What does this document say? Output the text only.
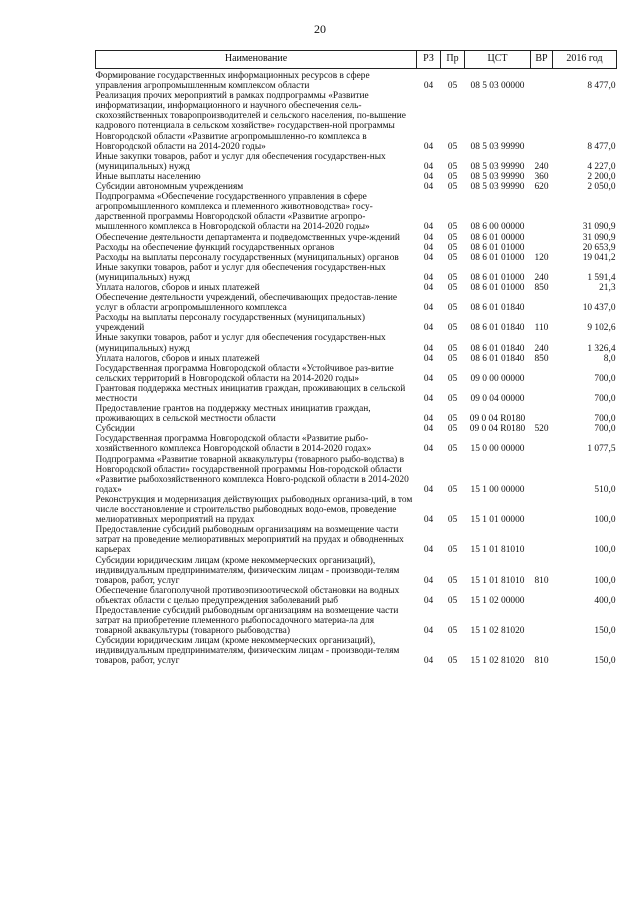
20
Наименование	РЗ	Пр	ЦСТ	ВР	2016 год
Формирование государственных информационных ресурсов в сфере управления агропромышленным комплексом области	04	05	08 5 03 00000		8 477,0
Реализация прочих мероприятий в рамках подпрограммы «Развитие информатизации, информационного и научного обеспечения сель-скохозяйственных товаропроизводителей и сельского населения, по-вышение кадрового потенциала в сельском хозяйстве» государствен-ной программы Новгородской области «Развитие агропромышленно-го комплекса в Новгородской области на 2014-2020 годы»	04	05	08 5 03 99990		8 477,0
Иные закупки товаров, работ и услуг для обеспечения государствен-ных (муниципальных) нужд	04	05	08 5 03 99990	240	4 227,0
Иные выплаты населению	04	05	08 5 03 99990	360	2 200,0
Субсидии автономным учреждениям	04	05	08 5 03 99990	620	2 050,0
Подпрограмма «Обеспечение государственного управления в сфере агропромышленного комплекса и племенного животноводства» госу-дарственной программы Новгородской области «Развитие агропро-мышленного комплекса в Новгородской области на 2014-2020 годы»	04	05	08 6 00 00000		31 090,9
Обеспечение деятельности департамента и подведомственных учре-ждений	04	05	08 6 01 00000		31 090,9
Расходы на обеспечение функций государственных органов	04	05	08 6 01 01000		20 653,9
Расходы на выплаты персоналу государственных (муниципальных) органов	04	05	08 6 01 01000	120	19 041,2
Иные закупки товаров, работ и услуг для обеспечения государствен-ных (муниципальных) нужд	04	05	08 6 01 01000	240	1 591,4
Уплата налогов, сборов и иных платежей	04	05	08 6 01 01000	850	21,3
Обеспечение деятельности учреждений, обеспечивающих предостав-ление услуг в области агропромышленного комплекса	04	05	08 6 01 01840		10 437,0
Расходы на выплаты персоналу государственных (муниципальных) учреждений	04	05	08 6 01 01840	110	9 102,6
Иные закупки товаров, работ и услуг для обеспечения государствен-ных (муниципальных) нужд	04	05	08 6 01 01840	240	1 326,4
Уплата налогов, сборов и иных платежей	04	05	08 6 01 01840	850	8,0
Государственная программа Новгородской области «Устойчивое раз-витие сельских территорий в Новгородской области на 2014-2020 годы»	04	05	09 0 00 00000		700,0
Грантовая поддержка местных инициатив граждан, проживающих в сельской местности	04	05	09 0 04 00000		700,0
Предоставление грантов на поддержку местных инициатив граждан, проживающих в сельской местности области	04	05	09 0 04 R0180		700,0
Субсидии	04	05	09 0 04 R0180	520	700,0
Государственная программа Новгородской области «Развитие рыбо-хозяйственного комплекса Новгородской области в 2014-2020 годах»	04	05	15 0 00 00000		1 077,5
Подпрограмма «Развитие товарной аквакультуры (товарного рыбо-водства) в Новгородской области» государственной программы Нов-городской области «Развитие рыбохозяйственного комплекса Новго-родской области в 2014-2020 годах»	04	05	15 1 00 00000		510,0
Реконструкция и модернизация действующих рыбоводных организа-ций, в том числе восстановление и строительство рыбоводных водо-емов, проведение мелиоративных мероприятий на прудах	04	05	15 1 01 00000		100,0
Предоставление субсидий рыбоводным организациям на возмещение части затрат на проведение мелиоративных мероприятий на прудах и обводненных карьерах	04	05	15 1 01 81010		100,0
Субсидии юридическим лицам (кроме некоммерческих организаций), индивидуальным предпринимателям, физическим лицам - производи-телям товаров, работ, услуг	04	05	15 1 01 81010	810	100,0
Обеспечение благополучной противоэпизоотической обстановки на водных объектах области с целью предупреждения заболеваний рыб	04	05	15 1 02 00000		400,0
Предоставление субсидий рыбоводным организациям на возмещение части затрат на приобретение племенного рыбопосадочного материа-ла для товарной аквакультуры (товарного рыбоводства)	04	05	15 1 02 81020		150,0
Субсидии юридическим лицам (кроме некоммерческих организаций), индивидуальным предпринимателям, физическим лицам - производи-телям товаров, работ, услуг	04	05	15 1 02 81020	810	150,0
